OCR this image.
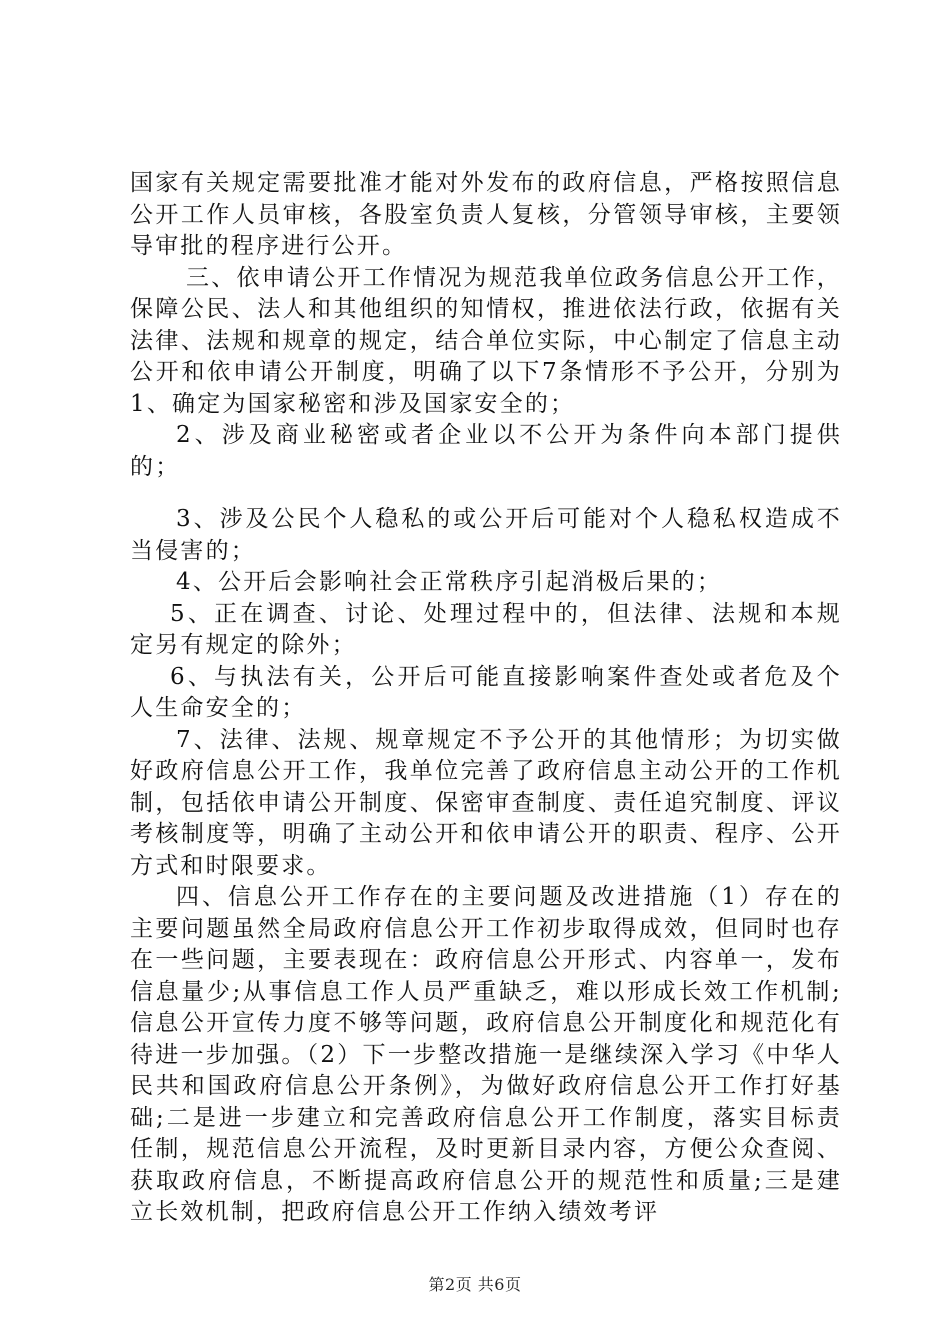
国家有关规定需要批准才能对外发布的政府信息，严格按照信息公开工作人员审核，各股室负责人复核，分管领导审核，主要领导审批的程序进行公开。

三、依申请公开工作情况为规范我单位政务信息公开工作，保障公民、法人和其他组织的知情权，推进依法行政，依据有关法律、法规和规章的规定，结合单位实际，中心制定了信息主动公开和依申请公开制度，明确了以下7条情形不予公开，分别为1、确定为国家秘密和涉及国家安全的；

2、涉及商业秘密或者企业以不公开为条件向本部门提供的；

3、涉及公民个人稳私的或公开后可能对个人稳私权造成不当侵害的；

4、公开后会影响社会正常秩序引起消极后果的；

5、正在调查、讨论、处理过程中的，但法律、法规和本规定另有规定的除外；

6、与执法有关，公开后可能直接影响案件查处或者危及个人生命安全的；

7、法律、法规、规章规定不予公开的其他情形；为切实做好政府信息公开工作，我单位完善了政府信息主动公开的工作机制，包括依申请公开制度、保密审查制度、责任追究制度、评议考核制度等，明确了主动公开和依申请公开的职责、程序、公开方式和时限要求。

四、信息公开工作存在的主要问题及改进措施（1）存在的主要问题虽然全局政府信息公开工作初步取得成效，但同时也存在一些问题，主要表现在：政府信息公开形式、内容单一，发布信息量少;从事信息工作人员严重缺乏，难以形成长效工作机制;信息公开宣传力度不够等问题，政府信息公开制度化和规范化有待进一步加强。（2）下一步整改措施一是继续深入学习《中华人民共和国政府信息公开条例》，为做好政府信息公开工作打好基础;二是进一步建立和完善政府信息公开工作制度，落实目标责任制，规范信息公开流程，及时更新目录内容，方便公众查阅、获取政府信息，不断提高政府信息公开的规范性和质量;三是建立长效机制，把政府信息公开工作纳入绩效考评

第2页 共6页
